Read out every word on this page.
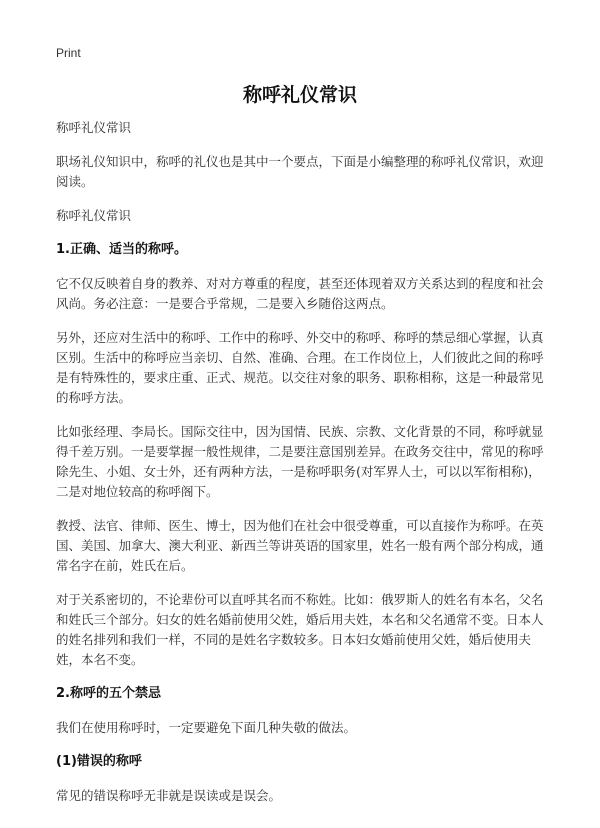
Print
称呼礼仪常识
称呼礼仪常识
职场礼仪知识中，称呼的礼仪也是其中一个要点，下面是小编整理的称呼礼仪常识，欢迎阅读。
称呼礼仪常识
1.正确、适当的称呼。
它不仅反映着自身的教养、对对方尊重的程度，甚至还体现着双方关系达到的程度和社会风尚。务必注意：一是要合乎常规，二是要入乡随俗这两点。
另外，还应对生活中的称呼、工作中的称呼、外交中的称呼、称呼的禁忌细心掌握，认真区别。生活中的称呼应当亲切、自然、准确、合理。在工作岗位上，人们彼此之间的称呼是有特殊性的，要求庄重、正式、规范。以交往对象的职务、职称相称，这是一种最常见的称呼方法。
比如张经理、李局长。国际交往中，因为国情、民族、宗教、文化背景的不同，称呼就显得千差万别。一是要掌握一般性规律，二是要注意国别差异。在政务交往中，常见的称呼除先生、小姐、女士外，还有两种方法，一是称呼职务(对军界人士，可以以军衔相称)，二是对地位较高的称呼阁下。
教授、法官、律师、医生、博士，因为他们在社会中很受尊重，可以直接作为称呼。在英国、美国、加拿大、澳大利亚、新西兰等讲英语的国家里，姓名一般有两个部分构成，通常名字在前，姓氏在后。
对于关系密切的，不论辈份可以直呼其名而不称姓。比如：俄罗斯人的姓名有本名，父名和姓氏三个部分。妇女的姓名婚前使用父姓，婚后用夫姓，本名和父名通常不变。日本人的姓名排列和我们一样，不同的是姓名字数较多。日本妇女婚前使用父姓，婚后使用夫姓，本名不变。
2.称呼的五个禁忌
我们在使用称呼时，一定要避免下面几种失敬的做法。
(1)错误的称呼
常见的错误称呼无非就是误读或是误会。
